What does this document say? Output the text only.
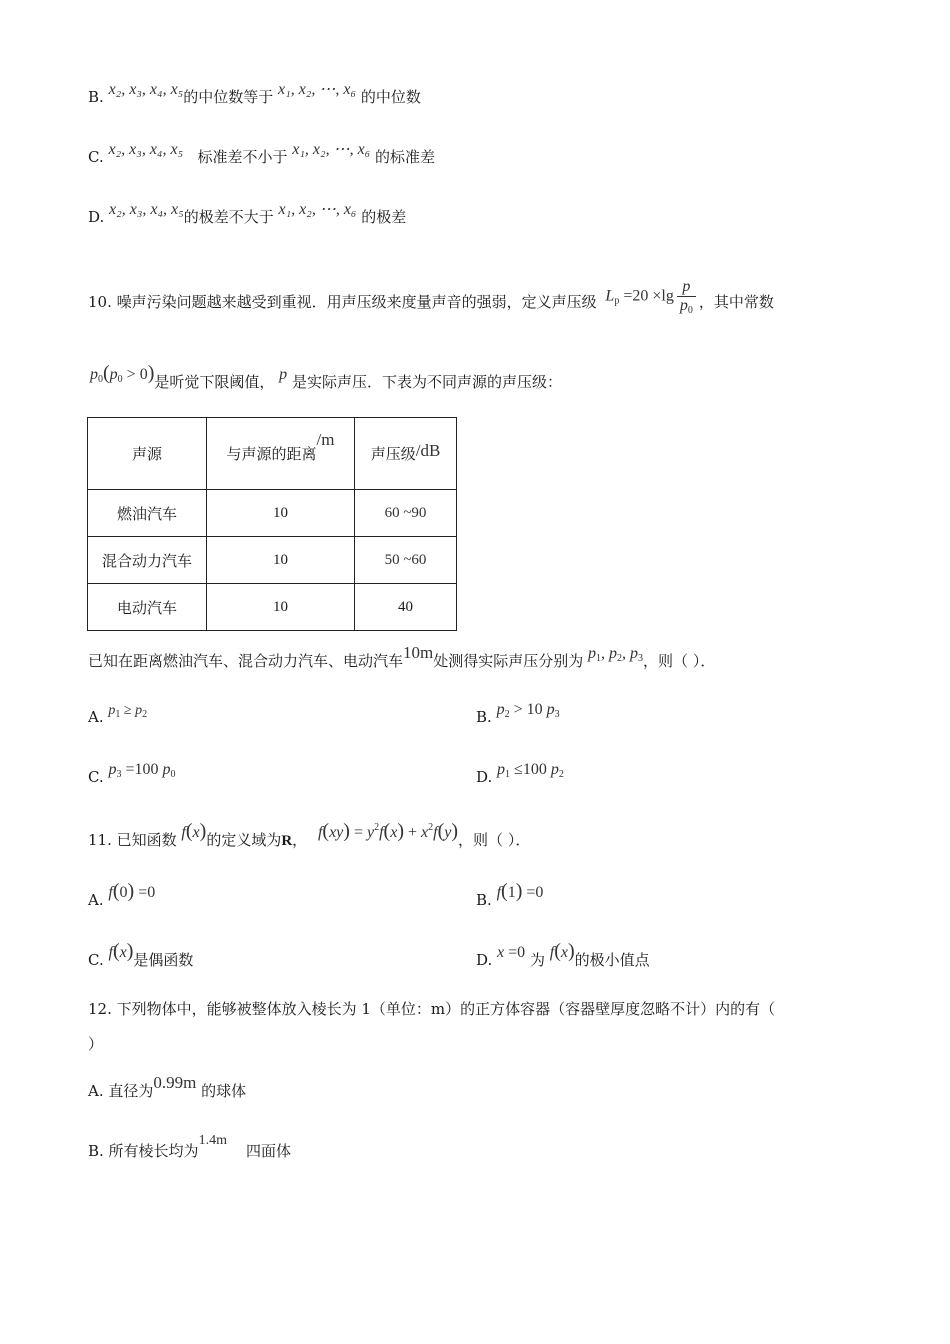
B. x₂, x₃, x₄, x₅的中位数等于 x₁, x₂, ⋯, x₆ 的中位数
C. x₂, x₃, x₄, x₅ 标准差不小于 x₁, x₂, ⋯, x₆ 的标准差
D. x₂, x₃, x₄, x₅的极差不大于 x₁, x₂, ⋯, x₆ 的极差
10. 噪声污染问题越来越受到重视．用声压级来度量声音的强弱，定义声压级 $L_p =20 \times\lg \frac{p}{p_0}$ ，其中常数
$p_0(p_0 > 0)$是听觉下限阈值， p 是实际声压．下表为不同声源的声压级：
声源	与声源的距离/m	声压级/dB
燃油汽车	10	60 ~90
混合动力汽车	10	50 ~60
电动汽车	10	40
已知在距离燃油汽车、混合动力汽车、电动汽车10m处测得实际声压分别为 $p_1$, $p_2$, $p_3$，则（ ）．
A. $p_1 \ge p_2$	B. $p_2 > 10$ $p_3$
C. $p_3 =100$ $p_0$	D. $p_1 \le 100$ $p_2$
11. 已知函数 f(x)的定义域为R， $f(xy) = y^2f(x) + x^2f(y)$，则（ ）．
A. f(0) =0	B. f(1) =0
C. f(x)是偶函数	D. x =0 为 f(x)的极小值点
12. 下列物体中，能够被整体放入棱长为 1（单位：m）的正方体容器（容器壁厚度忽略不计）内的有（
）
A. 直径为0.99m 的球体
B. 所有棱长均为1.4m    四面体
